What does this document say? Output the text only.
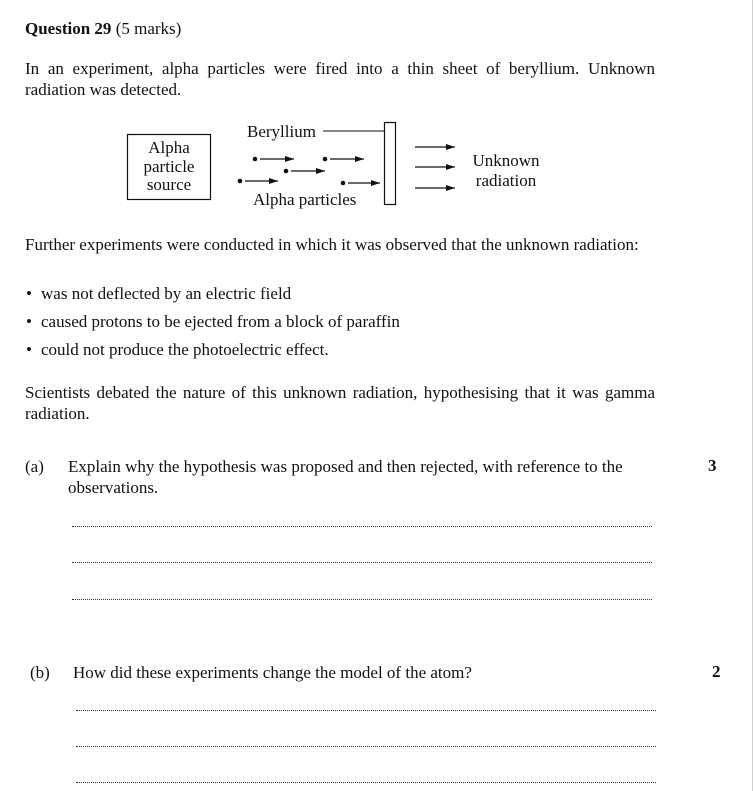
Question 29 (5 marks)
In an experiment, alpha particles were fired into a thin sheet of beryllium. Unknown radiation was detected.
Alpha
particle
source
Beryllium
Alpha particles
Unknown
radiation
Further experiments were conducted in which it was observed that the unknown radiation:
• was not deflected by an electric field
• caused protons to be ejected from a block of paraffin
• could not produce the photoelectric effect.
Scientists debated the nature of this unknown radiation, hypothesising that it was gamma radiation.
(a) Explain why the hypothesis was proposed and then rejected, with reference to the observations.
3
(b) How did these experiments change the model of the atom?	2
